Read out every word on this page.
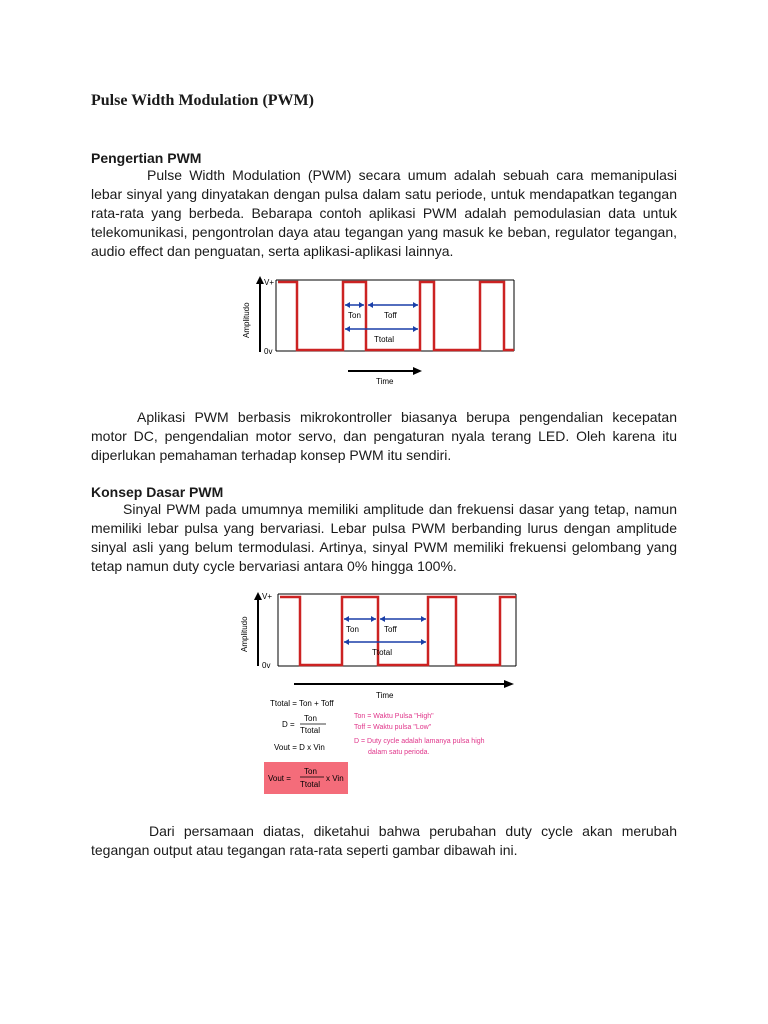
Pulse Width Modulation (PWM)
Pengertian PWM
Pulse Width Modulation (PWM) secara umum adalah sebuah cara memanipulasi lebar sinyal yang dinyatakan dengan pulsa dalam satu periode, untuk mendapatkan tegangan rata-rata yang berbeda. Bebarapa contoh aplikasi PWM adalah pemodulasian data untuk telekomunikasi, pengontrolan daya atau tegangan yang masuk ke beban, regulator tegangan, audio effect dan penguatan, serta aplikasi-aplikasi lainnya.
V+
0v
Amplitudo	Ton	Toff
Ttotal
Time
Aplikasi PWM berbasis mikrokontroller biasanya berupa pengendalian kecepatan motor DC, pengendalian motor servo, dan pengaturan nyala terang LED. Oleh karena itu diperlukan pemahaman terhadap konsep PWM itu sendiri.
Konsep Dasar PWM
Sinyal PWM pada umumnya memiliki amplitude dan frekuensi dasar yang tetap, namun memiliki lebar pulsa yang bervariasi. Lebar pulsa PWM berbanding lurus dengan amplitude sinyal asli yang belum termodulasi. Artinya, sinyal PWM memiliki frekuensi gelombang yang tetap namun duty cycle bervariasi antara 0% hingga 100%.
V+
0v
Amplitudo	Ton	Toff
Ttotal
Time
Ttotal = Ton + Toff
D =
Ton
Ttotal
Vout = D x Vin
Vout =
Ton
Ttotal
x Vin
Ton = Waktu Pulsa "High"
Toff = Waktu pulsa "Low"
D = Duty cycle adalah lamanya pulsa high
dalam satu perioda.
Dari persamaan diatas, diketahui bahwa perubahan duty cycle akan merubah tegangan output atau tegangan rata-rata seperti gambar dibawah ini.
